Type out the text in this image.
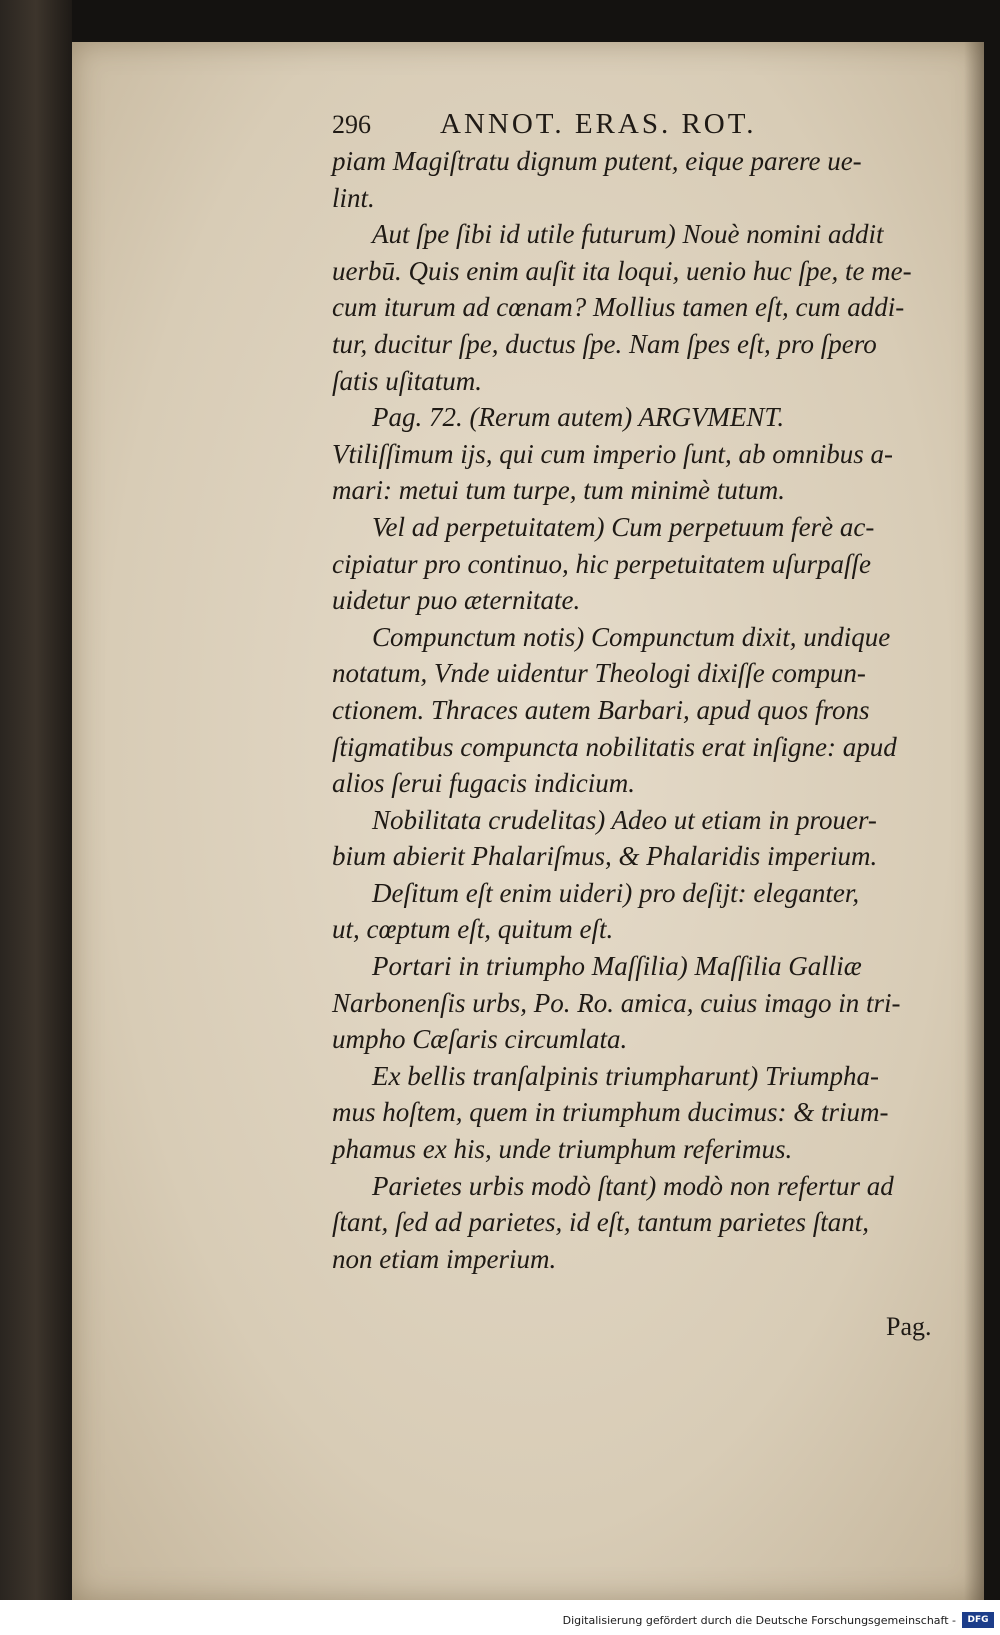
296	ANNOT. ERAS. ROT.
piam Magiſtratu dignum putent, eique parere ue-
lint.
Aut ſpe ſibi id utile futurum) Nouè nomini addit
uerbū. Quis enim auſit ita loqui, uenio huc ſpe, te me-
cum iturum ad cœnam? Mollius tamen eſt, cum addi-
tur, ducitur ſpe, ductus ſpe. Nam ſpes eſt, pro ſpero
ſatis uſitatum.
Pag. 72. (Rerum autem) ARGVMENT.
Vtiliſſimum ijs, qui cum imperio ſunt, ab omnibus a-
mari: metui tum turpe, tum minimè tutum.
Vel ad perpetuitatem) Cum perpetuum ferè ac-
cipiatur pro continuo, hic perpetuitatem uſurpaſſe
uidetur puo æternitate.
Compunctum notis) Compunctum dixit, undique
notatum, Vnde uidentur Theologi dixiſſe compun-
ctionem. Thraces autem Barbari, apud quos frons
ſtigmatibus compuncta nobilitatis erat inſigne: apud
alios ſerui fugacis indicium.
Nobilitata crudelitas) Adeo ut etiam in prouer-
bium abierit Phalariſmus, & Phalaridis imperium.
Deſitum eſt enim uideri) pro deſijt: eleganter,
ut, cœptum eſt, quitum eſt.
Portari in triumpho Maſſilia) Maſſilia Galliæ
Narbonenſis urbs, Po. Ro. amica, cuius imago in tri-
umpho Cæſaris circumlata.
Ex bellis tranſalpinis triumpharunt) Triumpha-
mus hoſtem, quem in triumphum ducimus: & trium-
phamus ex his, unde triumphum referimus.
Parietes urbis modò ſtant) modò non refertur ad
ſtant, ſed ad parietes, id eſt, tantum parietes ſtant,
non etiam imperium.
Pag.
Digitalisierung gefördert durch die Deutsche Forschungsgemeinschaft -	DFG
